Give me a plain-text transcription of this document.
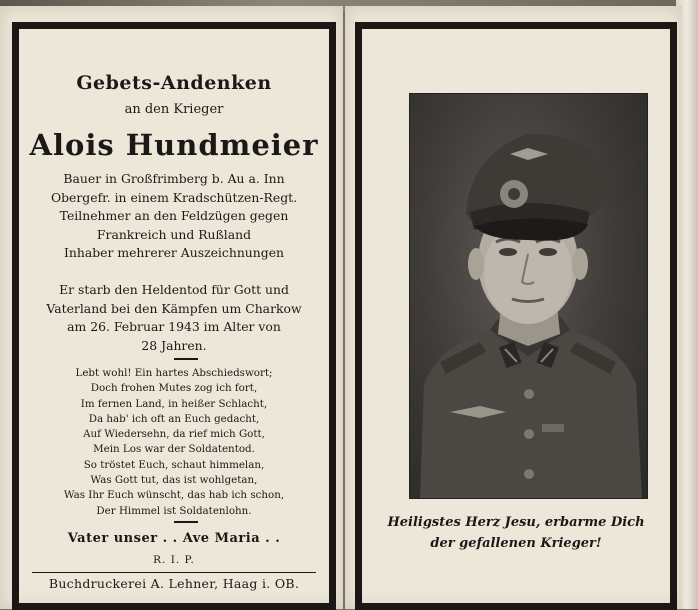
Gebets-Andenken
an den Krieger
Alois Hundmeier
Bauer in Großfrimberg b. Au a. Inn
Obergefr. in einem Kradschützen-Regt.
Teilnehmer an den Feldzügen gegen
Frankreich und Rußland
Inhaber mehrerer Auszeichnungen
Er starb den Heldentod für Gott und
Vaterland bei den Kämpfen um Charkow
am 26. Februar 1943 im Alter von
28 Jahren.
Lebt wohl! Ein hartes Abschiedswort;
Doch frohen Mutes zog ich fort,
Im fernen Land, in heißer Schlacht,
Da hab' ich oft an Euch gedacht,
Auf Wiedersehn, da rief mich Gott,
Mein Los war der Soldatentod.
So tröstet Euch, schaut himmelan,
Was Gott tut, das ist wohlgetan,
Was Ihr Euch wünscht, das hab ich schon,
Der Himmel ist Soldatenlohn.
Vater unser . . Ave Maria . .
R. I. P.
Buchdruckerei A. Lehner, Haag i. OB.
Heiligstes Herz Jesu, erbarme Dich
der gefallenen Krieger!
